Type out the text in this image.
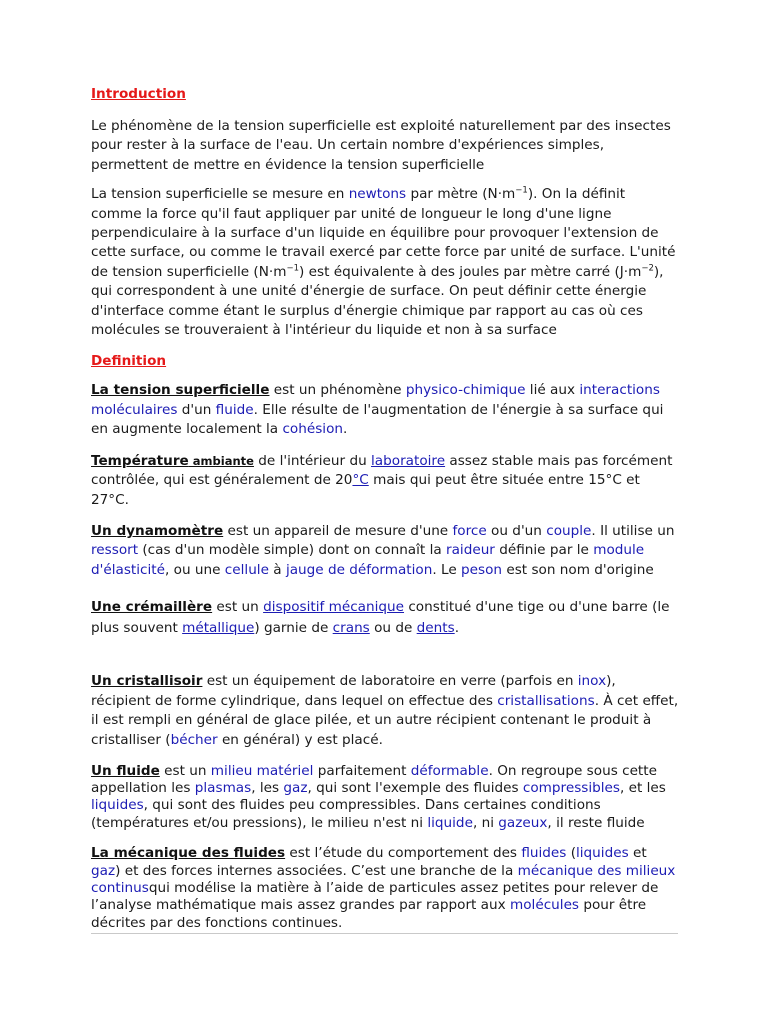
Introduction

Le phénomène de la tension superficielle est exploité naturellement par des insectes pour rester à la surface de l'eau. Un certain nombre d'expériences simples, permettent de mettre en évidence la tension superficielle

La tension superficielle se mesure en newtons par mètre $(N\cdot m^{-1})$. On la définit comme la force qu'il faut appliquer par unité de longueur le long d'une ligne perpendiculaire à la surface d'un liquide en équilibre pour provoquer l'extension de cette surface, ou comme le travail exercé par cette force par unité de surface. L'unité de tension superficielle $(N\cdot m^{-1})$ est équivalente à des joules par mètre carré $(J\cdot m^{-2})$, qui correspondent à une unité d'énergie de surface. On peut définir cette énergie d'interface comme étant le surplus d'énergie chimique par rapport au cas où ces molécules se trouveraient à l'intérieur du liquide et non à sa surface

Definition

La tension superficielle est un phénomène physico-chimique lié aux interactions moléculaires d'un fluide. Elle résulte de l'augmentation de l'énergie à sa surface qui en augmente localement la cohésion.

Température ambiante de l'intérieur du laboratoire assez stable mais pas forcément contrôlée, qui est généralement de 20°C mais qui peut être située entre 15°C et 27°C.

Un dynamomètre est un appareil de mesure d'une force ou d'un couple. Il utilise un ressort (cas d'un modèle simple) dont on connaît la raideur définie par le module d'élasticité, ou une cellule à jauge de déformation. Le peson est son nom d'origine

Une crémaillère est un dispositif mécanique constitué d'une tige ou d'une barre (le plus souvent métallique) garnie de crans ou de dents.

Un cristallisoir est un équipement de laboratoire en verre (parfois en inox), récipient de forme cylindrique, dans lequel on effectue des cristallisations. À cet effet, il est rempli en général de glace pilée, et un autre récipient contenant le produit à cristalliser (bécher en général) y est placé.

Un fluide est un milieu matériel parfaitement déformable. On regroupe sous cette appellation les plasmas, les gaz, qui sont l'exemple des fluides compressibles, et les liquides, qui sont des fluides peu compressibles. Dans certaines conditions (températures et/ou pressions), le milieu n'est ni liquide, ni gazeux, il reste fluide

La mécanique des fluides est l’étude du comportement des fluides (liquides et gaz) et des forces internes associées. C’est une branche de la mécanique des milieux continusqui modélise la matière à l’aide de particules assez petites pour relever de l’analyse mathématique mais assez grandes par rapport aux molécules pour être décrites par des fonctions continues.
